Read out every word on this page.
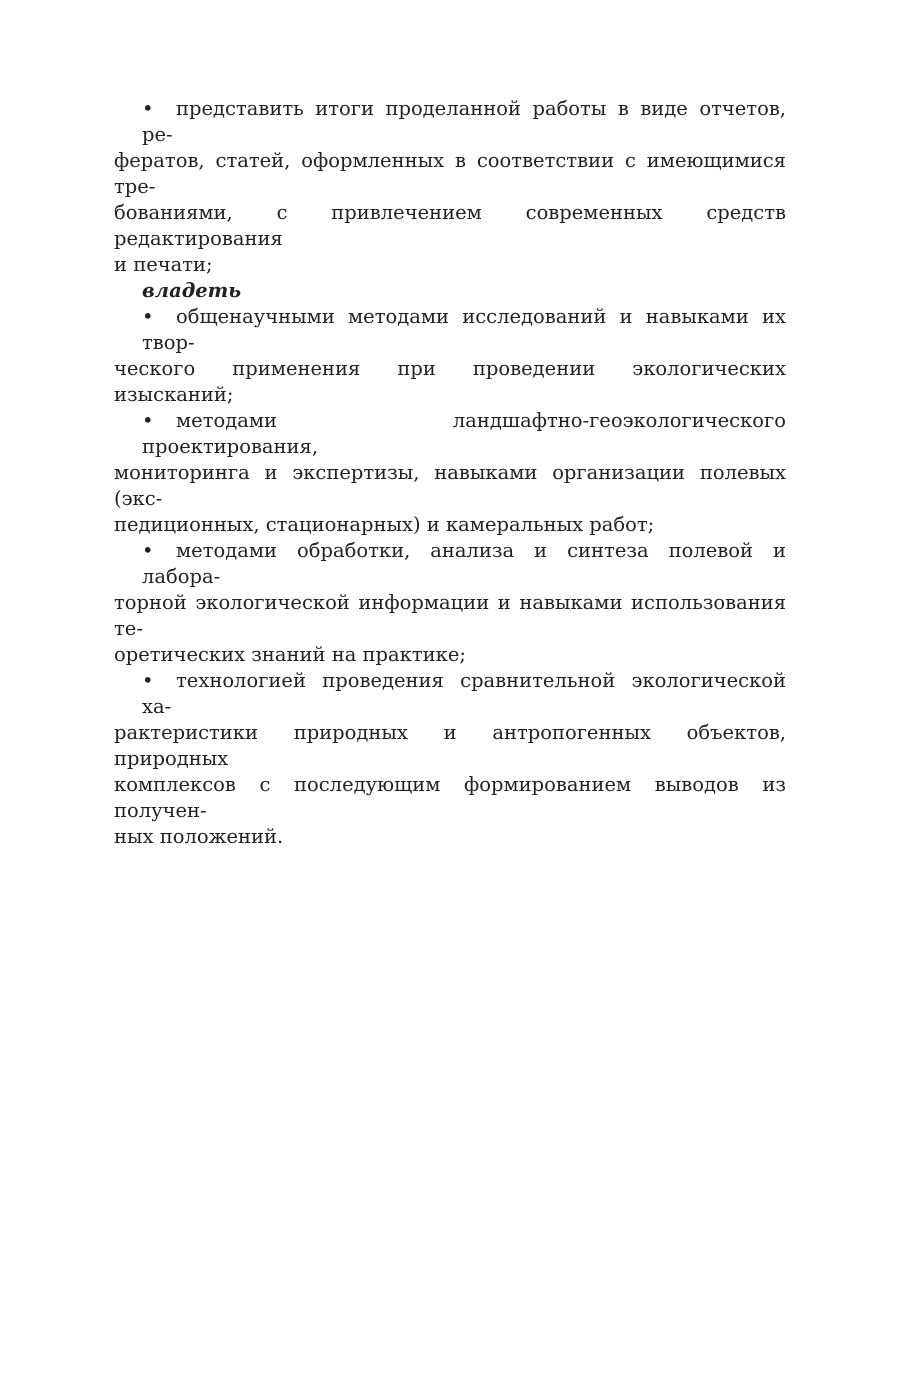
• представить итоги проделанной работы в виде отчетов, ре-
фератов, статей, оформленных в соответствии с имеющимися тре-
бованиями, с привлечением современных средств редактирования
и печати;

владеть

• общенаучными методами исследований и навыками их твор-
ческого применения при проведении экологических изысканий;
• методами ландшафтно-геоэкологического проектирования,
мониторинга и экспертизы, навыками организации полевых (экс-
педиционных, стационарных) и камеральных работ;
• методами обработки, анализа и синтеза полевой и лабора-
торной экологической информации и навыками использования те-
оретических знаний на практике;
• технологией проведения сравнительной экологической ха-
рактеристики природных и антропогенных объектов, природных
комплексов с последующим формированием выводов из получен-
ных положений.
